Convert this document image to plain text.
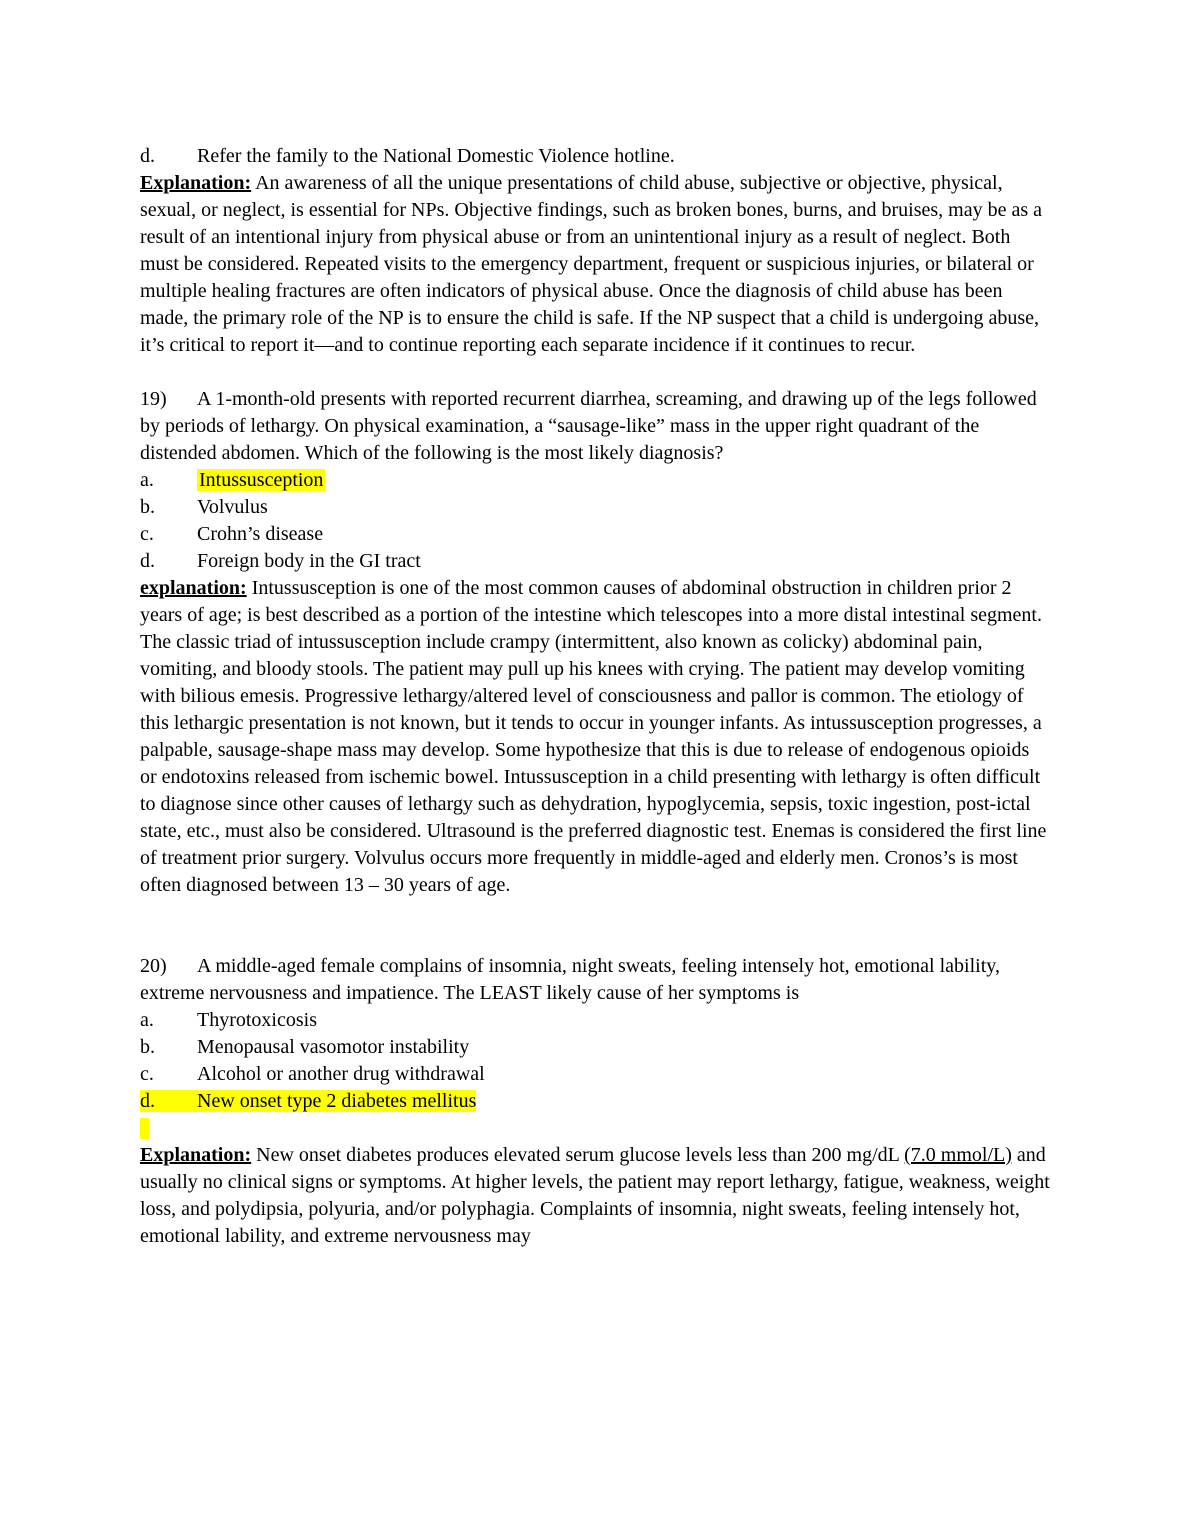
d. Refer the family to the National Domestic Violence hotline.

Explanation: An awareness of all the unique presentations of child abuse, subjective or objective, physical, sexual, or neglect, is essential for NPs. Objective findings, such as broken bones, burns, and bruises, may be as a result of an intentional injury from physical abuse or from an unintentional injury as a result of neglect. Both must be considered. Repeated visits to the emergency department, frequent or suspicious injuries, or bilateral or multiple healing fractures are often indicators of physical abuse. Once the diagnosis of child abuse has been made, the primary role of the NP is to ensure the child is safe. If the NP suspect that a child is undergoing abuse, it’s critical to report it—and to continue reporting each separate incidence if it continues to recur.

19) A 1-month-old presents with reported recurrent diarrhea, screaming, and drawing up of the legs followed by periods of lethargy. On physical examination, a “sausage-like” mass in the upper right quadrant of the distended abdomen. Which of the following is the most likely diagnosis?

a. Intussusception

b. Volvulus

c. Crohn’s disease

d. Foreign body in the GI tract

explanation: Intussusception is one of the most common causes of abdominal obstruction in children prior 2 years of age; is best described as a portion of the intestine which telescopes into a more distal intestinal segment. The classic triad of intussusception include crampy (intermittent, also known as colicky) abdominal pain, vomiting, and bloody stools. The patient may pull up his knees with crying. The patient may develop vomiting with bilious emesis. Progressive lethargy/altered level of consciousness and pallor is common. The etiology of this lethargic presentation is not known, but it tends to occur in younger infants. As intussusception progresses, a palpable, sausage-shape mass may develop. Some hypothesize that this is due to release of endogenous opioids or endotoxins released from ischemic bowel. Intussusception in a child presenting with lethargy is often difficult to diagnose since other causes of lethargy such as dehydration, hypoglycemia, sepsis, toxic ingestion, post-ictal state, etc., must also be considered. Ultrasound is the preferred diagnostic test. Enemas is considered the first line of treatment prior surgery. Volvulus occurs more frequently in middle-aged and elderly men. Cronos’s is most often diagnosed between 13 – 30 years of age.

20) A middle-aged female complains of insomnia, night sweats, feeling intensely hot, emotional lability, extreme nervousness and impatience. The LEAST likely cause of her symptoms is

a. Thyrotoxicosis

b. Menopausal vasomotor instability

c. Alcohol or another drug withdrawal

d. New onset type 2 diabetes mellitus

Explanation: New onset diabetes produces elevated serum glucose levels less than 200 mg/dL (7.0 mmol/L) and usually no clinical signs or symptoms. At higher levels, the patient may report lethargy, fatigue, weakness, weight loss, and polydipsia, polyuria, and/or polyphagia. Complaints of insomnia, night sweats, feeling intensely hot, emotional lability, and extreme nervousness may
